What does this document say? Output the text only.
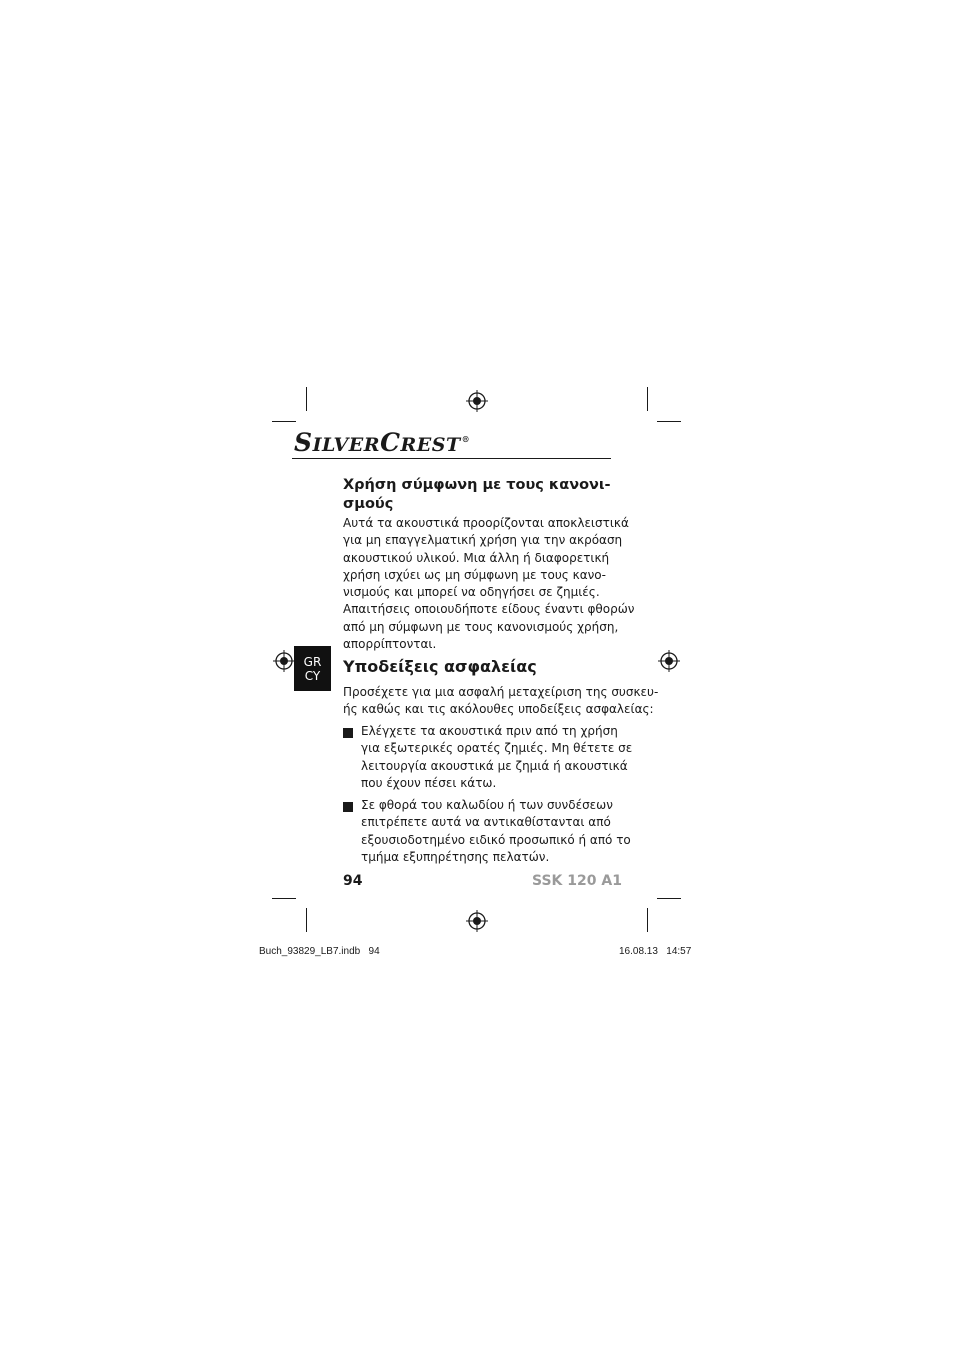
SILVERCREST®
Χρήση σύμφωνη με τους κανονι-
σμούς
Αυτά τα ακουστικά προορίζονται αποκλειστικά
για μη επαγγελματική χρήση για την ακρόαση
ακουστικού υλικού. Μια άλλη ή διαφορετική
χρήση ισχύει ως μη σύμφωνη με τους κανο-
νισμούς και μπορεί να οδηγήσει σε ζημιές.
Απαιτήσεις οποιουδήποτε είδους έναντι φθορών
από μη σύμφωνη με τους κανονισμούς χρήση,
απορρίπτονται.
GR
CY	Υποδείξεις ασφαλείας
Προσέχετε για μια ασφαλή μεταχείριση της συσκευ-
ής καθώς και τις ακόλουθες υποδείξεις ασφαλείας:
Ελέγχετε τα ακουστικά πριν από τη χρήση
για εξωτερικές ορατές ζημιές. Μη θέτετε σε
λειτουργία ακουστικά με ζημιά ή ακουστικά
που έχουν πέσει κάτω.
Σε φθορά του καλωδίου ή των συνδέσεων
επιτρέπετε αυτά να αντικαθίστανται από
εξουσιοδοτημένο ειδικό προσωπικό ή από το
τμήμα εξυπηρέτησης πελατών.
94	SSK 120 A1
Buch_93829_LB7.indb   94	16.08.13   14:57
